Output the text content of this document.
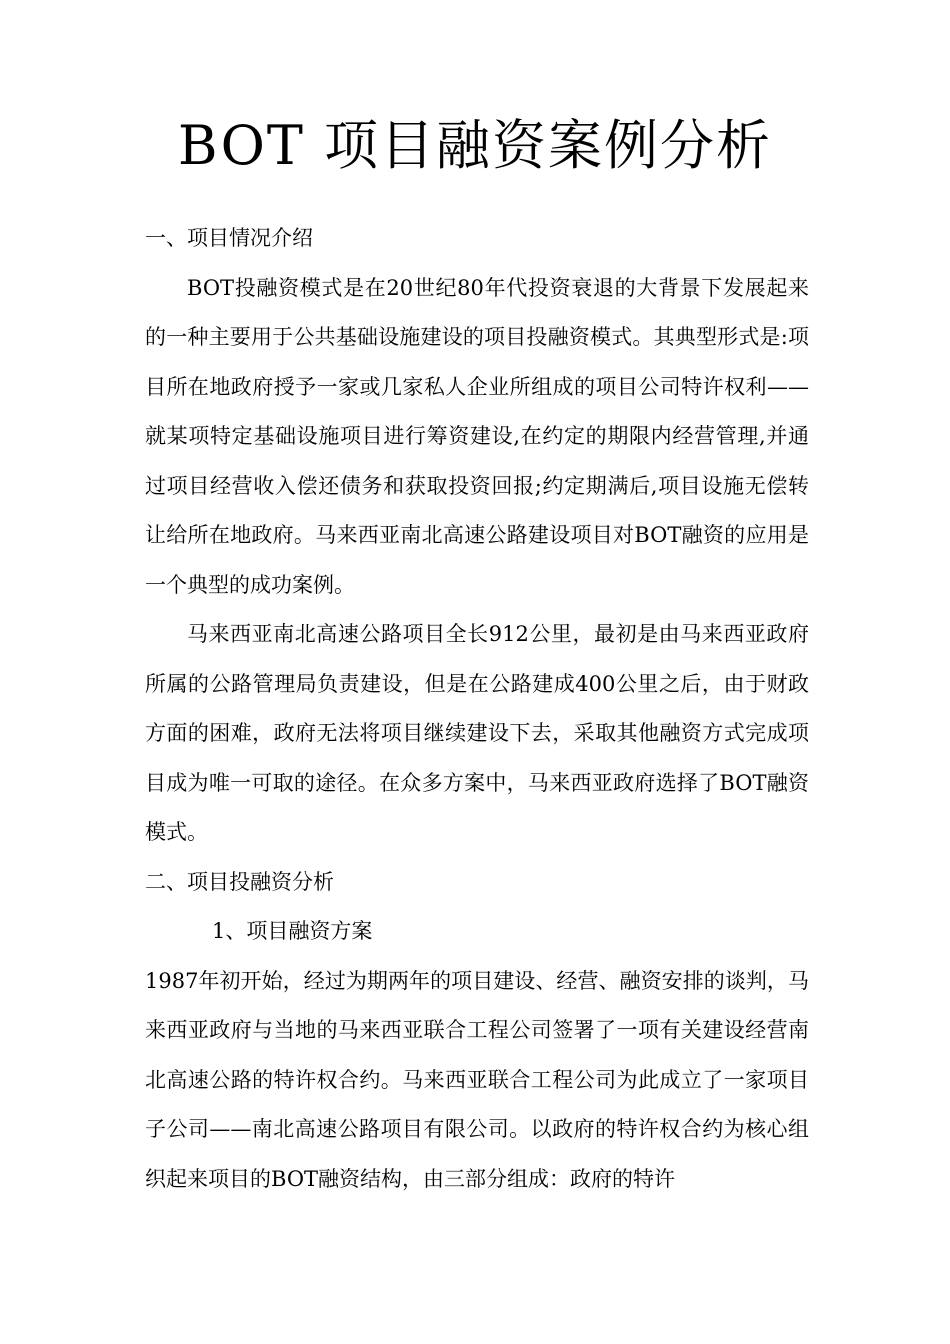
BOT 项目融资案例分析

一、项目情况介绍

BOT投融资模式是在20世纪80年代投资衰退的大背景下发展起来的一种主要用于公共基础设施建设的项目投融资模式。其典型形式是:项目所在地政府授予一家或几家私人企业所组成的项目公司特许权利——就某项特定基础设施项目进行筹资建设,在约定的期限内经营管理,并通过项目经营收入偿还债务和获取投资回报;约定期满后,项目设施无偿转让给所在地政府。马来西亚南北高速公路建设项目对BOT融资的应用是一个典型的成功案例。

马来西亚南北高速公路项目全长912公里，最初是由马来西亚政府所属的公路管理局负责建设，但是在公路建成400公里之后，由于财政方面的困难，政府无法将项目继续建设下去，采取其他融资方式完成项目成为唯一可取的途径。在众多方案中，马来西亚政府选择了BOT融资模式。

二、项目投融资分析

1、项目融资方案

1987年初开始，经过为期两年的项目建设、经营、融资安排的谈判，马来西亚政府与当地的马来西亚联合工程公司签署了一项有关建设经营南北高速公路的特许权合约。马来西亚联合工程公司为此成立了一家项目子公司——南北高速公路项目有限公司。以政府的特许权合约为核心组织起来项目的BOT融资结构，由三部分组成：政府的特许
